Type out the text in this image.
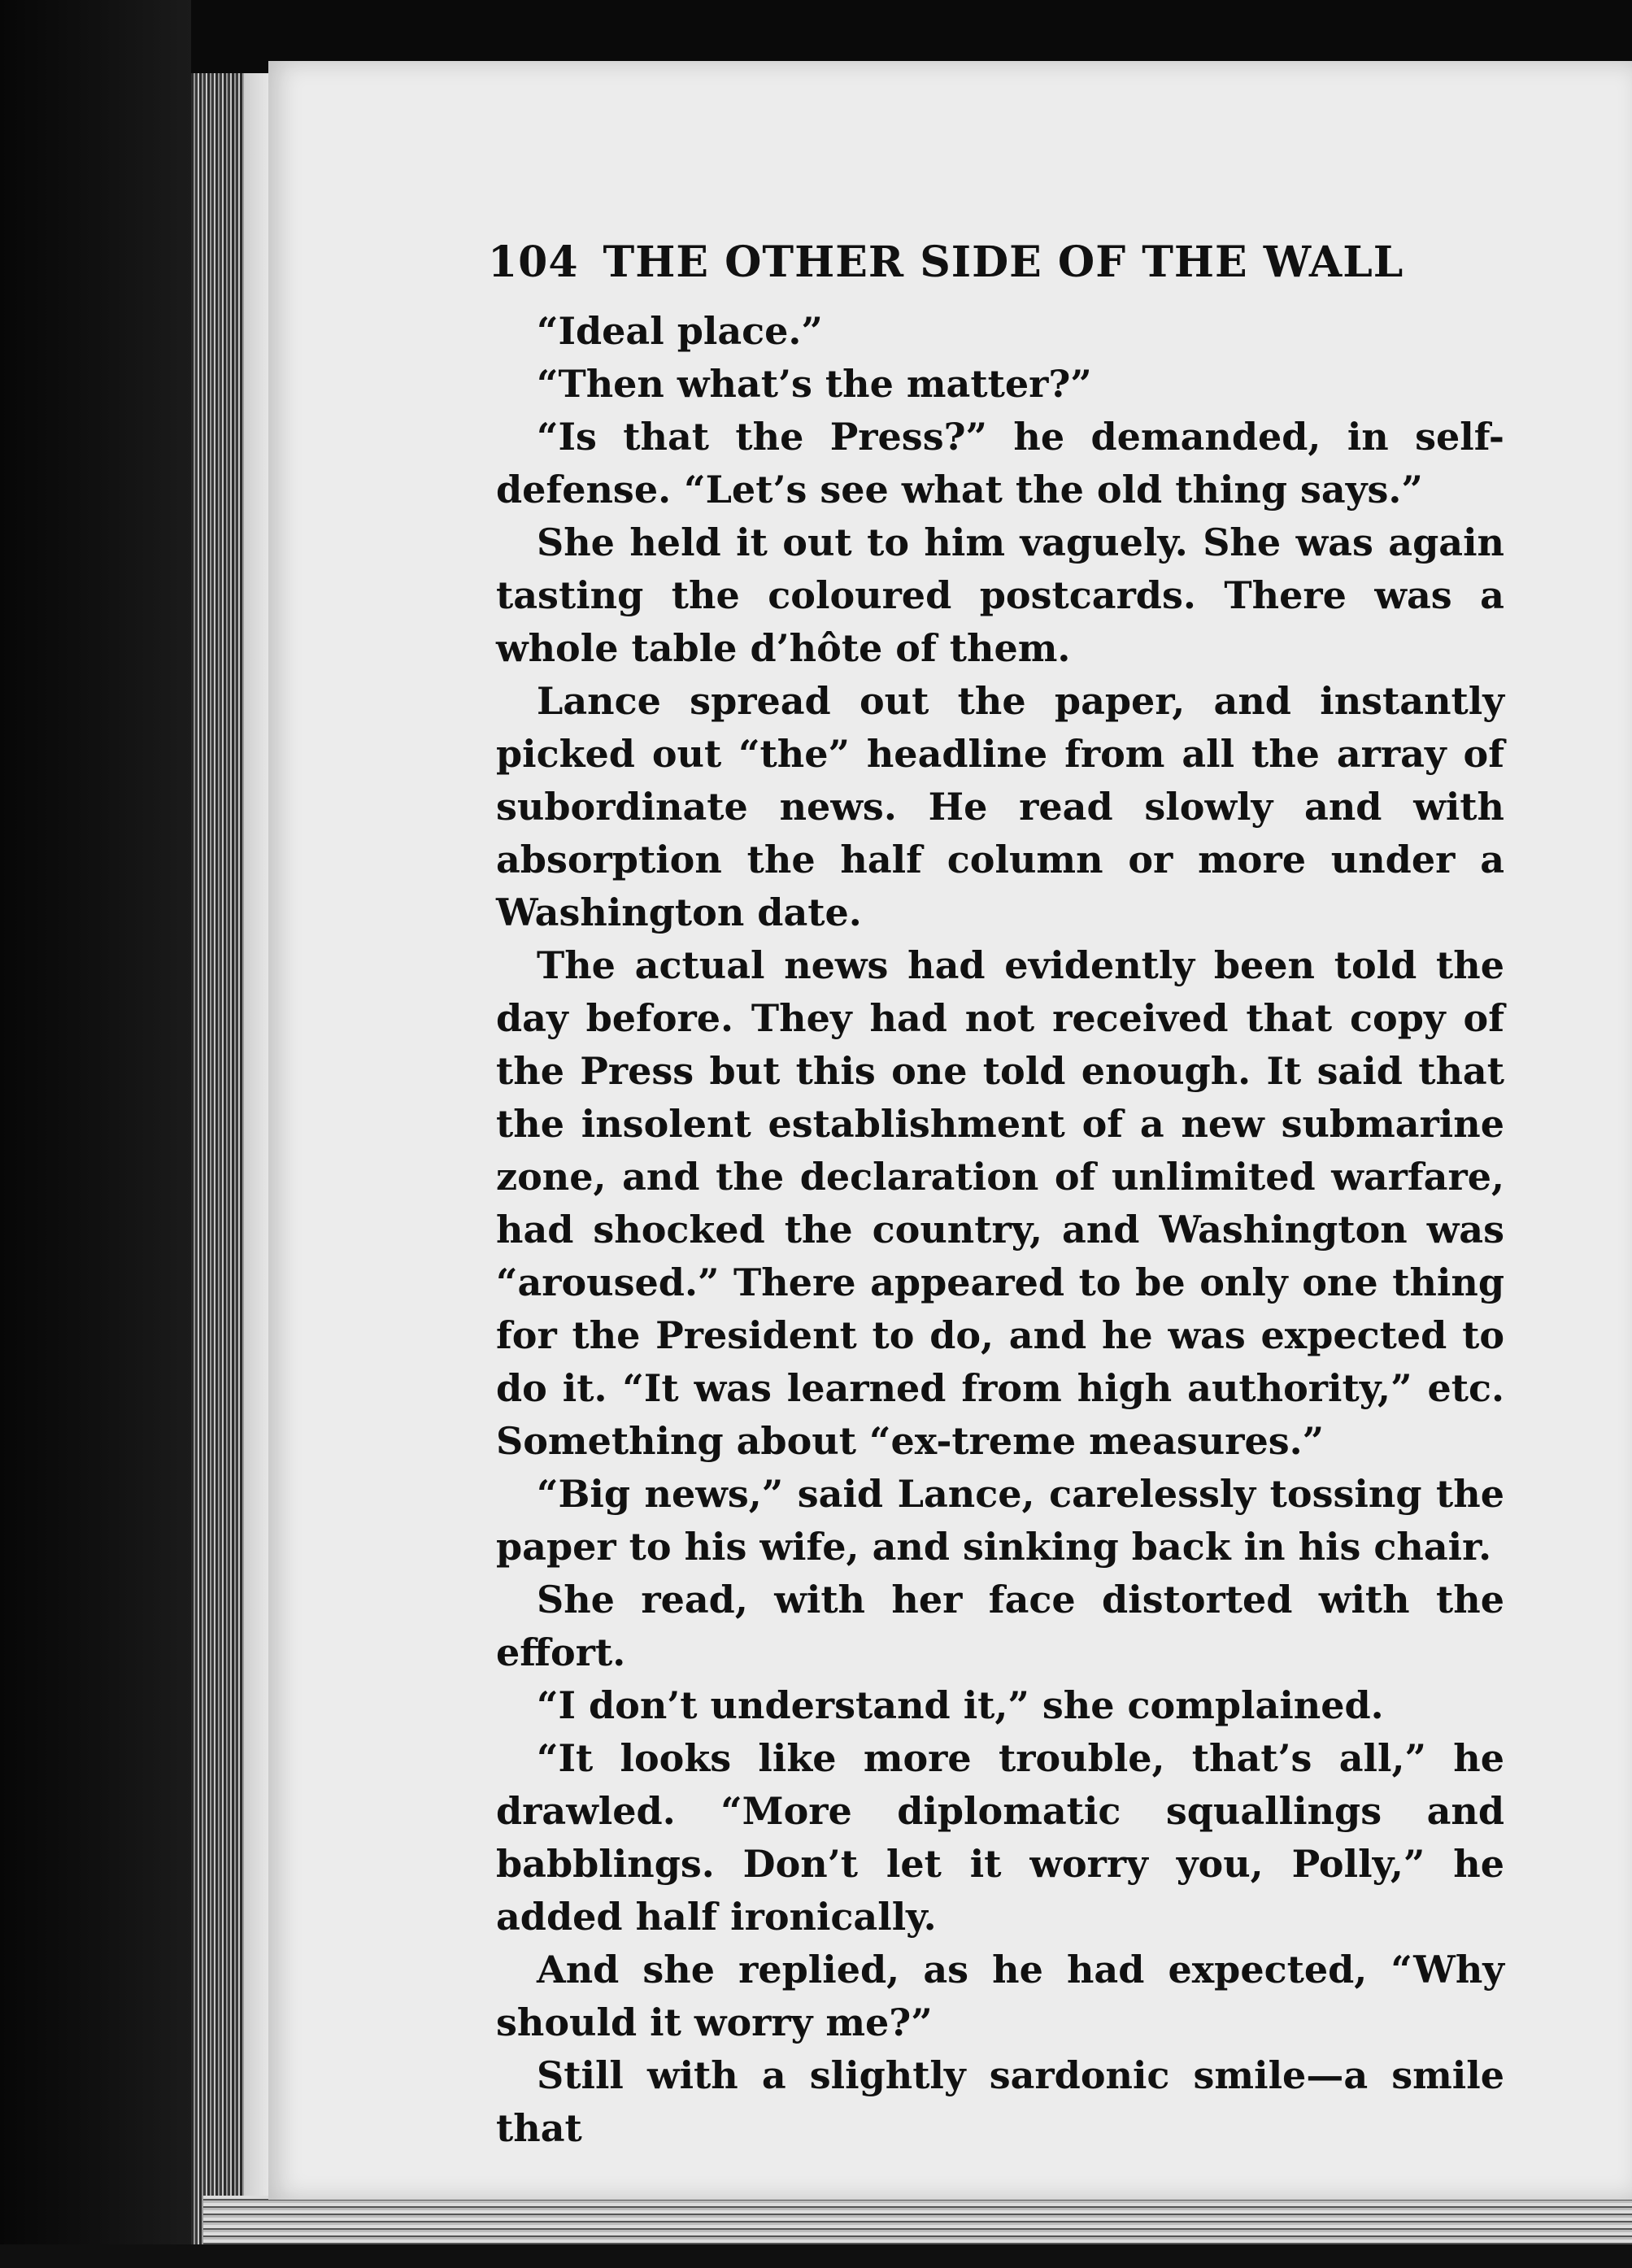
104 THE OTHER SIDE OF THE WALL

“Ideal place.”

“Then what’s the matter?”

“Is that the Press?” he demanded, in self-defense. “Let’s see what the old thing says.”

She held it out to him vaguely. She was again tasting the coloured postcards. There was a whole table d’hôte of them.

Lance spread out the paper, and instantly picked out “the” headline from all the array of subordinate news. He read slowly and with absorption the half column or more under a Washington date.

The actual news had evidently been told the day before. They had not received that copy of the Press but this one told enough. It said that the insolent establishment of a new submarine zone, and the declaration of unlimited warfare, had shocked the country, and Washington was “aroused.” There appeared to be only one thing for the President to do, and he was expected to do it. “It was learned from high authority,” etc. Something about “ex-treme measures.”

“Big news,” said Lance, carelessly tossing the paper to his wife, and sinking back in his chair.

She read, with her face distorted with the effort.

“I don’t understand it,” she complained.

“It looks like more trouble, that’s all,” he drawled. “More diplomatic squallings and babblings. Don’t let it worry you, Polly,” he added half ironically.

And she replied, as he had expected, “Why should it worry me?”

Still with a slightly sardonic smile—a smile that
